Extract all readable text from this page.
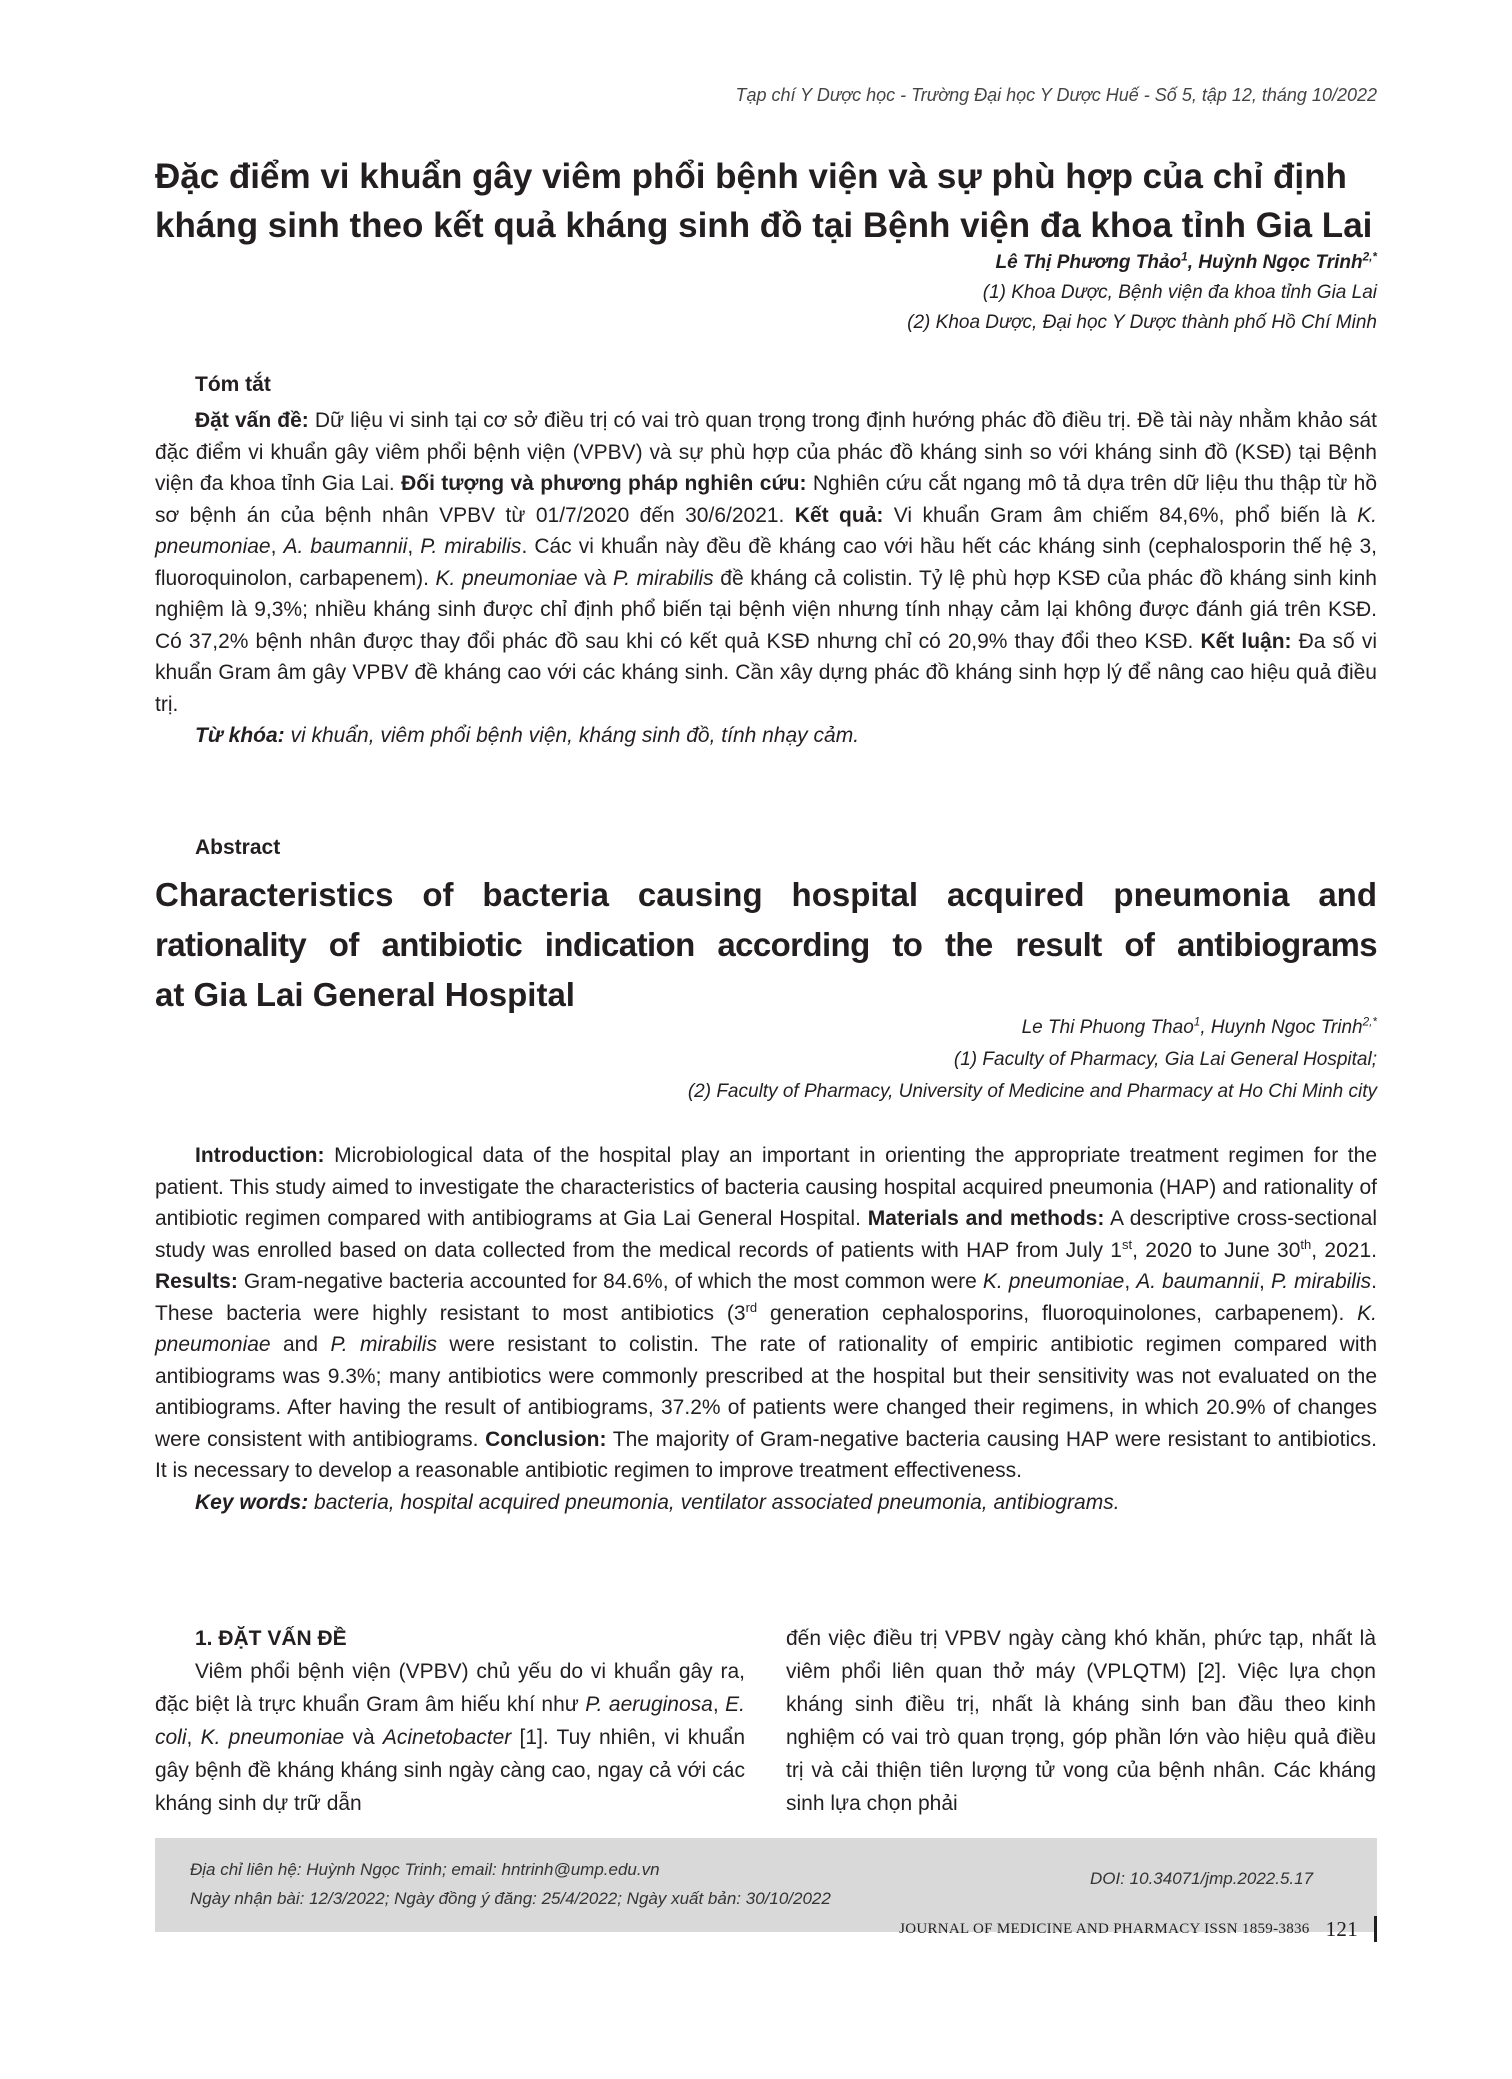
Tạp chí Y Dược học - Trường Đại học Y Dược Huế - Số 5, tập 12, tháng 10/2022
Đặc điểm vi khuẩn gây viêm phổi bệnh viện và sự phù hợp của chỉ định kháng sinh theo kết quả kháng sinh đồ tại Bệnh viện đa khoa tỉnh Gia Lai
Lê Thị Phương Thảo$^1$, Huỳnh Ngọc Trinh$^{2,*}$
(1) Khoa Dược, Bệnh viện đa khoa tỉnh Gia Lai
(2) Khoa Dược, Đại học Y Dược thành phố Hồ Chí Minh
Tóm tắt

Đặt vấn đề: Dữ liệu vi sinh tại cơ sở điều trị có vai trò quan trọng trong định hướng phác đồ điều trị. Đề tài này nhằm khảo sát đặc điểm vi khuẩn gây viêm phổi bệnh viện (VPBV) và sự phù hợp của phác đồ kháng sinh so với kháng sinh đồ (KSĐ) tại Bệnh viện đa khoa tỉnh Gia Lai. Đối tượng và phương pháp nghiên cứu: Nghiên cứu cắt ngang mô tả dựa trên dữ liệu thu thập từ hồ sơ bệnh án của bệnh nhân VPBV từ 01/7/2020 đến 30/6/2021. Kết quả: Vi khuẩn Gram âm chiếm 84,6%, phổ biến là K. pneumoniae, A. baumannii, P. mirabilis. Các vi khuẩn này đều đề kháng cao với hầu hết các kháng sinh (cephalosporin thế hệ 3, fluoroquinolon, carbapenem). K. pneumoniae và P. mirabilis đề kháng cả colistin. Tỷ lệ phù hợp KSĐ của phác đồ kháng sinh kinh nghiệm là 9,3%; nhiều kháng sinh được chỉ định phổ biến tại bệnh viện nhưng tính nhạy cảm lại không được đánh giá trên KSĐ. Có 37,2% bệnh nhân được thay đổi phác đồ sau khi có kết quả KSĐ nhưng chỉ có 20,9% thay đổi theo KSĐ. Kết luận: Đa số vi khuẩn Gram âm gây VPBV đề kháng cao với các kháng sinh. Cần xây dựng phác đồ kháng sinh hợp lý để nâng cao hiệu quả điều trị.

Từ khóa: vi khuẩn, viêm phổi bệnh viện, kháng sinh đồ, tính nhạy cảm.

Abstract
Characteristics of bacteria causing hospital acquired pneumonia and
rationality of antibiotic indication according to the result of antibiograms
at Gia Lai General Hospital
Le Thi Phuong Thao$^1$, Huynh Ngoc Trinh$^{2,*}$
(1) Faculty of Pharmacy, Gia Lai General Hospital;
(2) Faculty of Pharmacy, University of Medicine and Pharmacy at Ho Chi Minh city

Introduction: Microbiological data of the hospital play an important in orienting the appropriate treatment regimen for the patient. This study aimed to investigate the characteristics of bacteria causing hospital acquired pneumonia (HAP) and rationality of antibiotic regimen compared with antibiograms at Gia Lai General Hospital. Materials and methods: A descriptive cross-sectional study was enrolled based on data collected from the medical records of patients with HAP from July 1st, 2020 to June 30th, 2021. Results: Gram-negative bacteria accounted for 84.6%, of which the most common were K. pneumoniae, A. baumannii, P. mirabilis. These bacteria were highly resistant to most antibiotics (3rd generation cephalosporins, fluoroquinolones, carbapenem). K. pneumoniae and P. mirabilis were resistant to colistin. The rate of rationality of empiric antibiotic regimen compared with antibiograms was 9.3%; many antibiotics were commonly prescribed at the hospital but their sensitivity was not evaluated on the antibiograms. After having the result of antibiograms, 37.2% of patients were changed their regimens, in which 20.9% of changes were consistent with antibiograms. Conclusion: The majority of Gram-negative bacteria causing HAP were resistant to antibiotics. It is necessary to develop a reasonable antibiotic regimen to improve treatment effectiveness.

Key words: bacteria, hospital acquired pneumonia, ventilator associated pneumonia, antibiograms.

1. ĐẶT VẤN ĐỀ

Viêm phổi bệnh viện (VPBV) chủ yếu do vi khuẩn gây ra, đặc biệt là trực khuẩn Gram âm hiếu khí như P. aeruginosa, E. coli, K. pneumoniae và Acinetobacter [1]. Tuy nhiên, vi khuẩn gây bệnh đề kháng kháng sinh ngày càng cao, ngay cả với các kháng sinh dự trữ dẫn

đến việc điều trị VPBV ngày càng khó khăn, phức tạp, nhất là viêm phổi liên quan thở máy (VPLQTM) [2]. Việc lựa chọn kháng sinh điều trị, nhất là kháng sinh ban đầu theo kinh nghiệm có vai trò quan trọng, góp phần lớn vào hiệu quả điều trị và cải thiện tiên lượng tử vong của bệnh nhân. Các kháng sinh lựa chọn phải

Địa chỉ liên hệ: Huỳnh Ngọc Trinh; email: hntrinh@ump.edu.vn
Ngày nhận bài: 12/3/2022; Ngày đồng ý đăng: 25/4/2022; Ngày xuất bản: 30/10/2022
DOI: 10.34071/jmp.2022.5.17
JOURNAL OF MEDICINE AND PHARMACY ISSN 1859-3836 121
